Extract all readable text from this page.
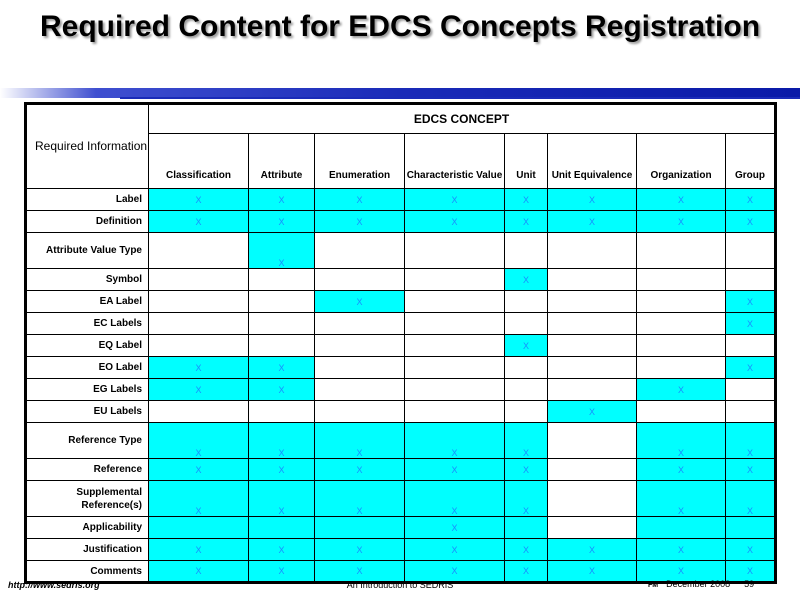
Required Content for EDCS Concepts Registration
Required Information	EDCS CONCEPT							
	Classification	Attribute	Enumeration	Characteristic Value	Unit	Unit Equivalence	Organization	Group
Label	X	X	X	X	X	X	X	X
Definition	X	X	X	X	X	X	X	X
Attribute Value Type		X						
Symbol					X			
EA Label			X					X
EC Labels								X
EQ Label					X			
EO Label	X	X						X
EG Labels	X	X					X	
EU Labels						X		
Reference Type	X	X	X	X	X		X	X
Reference	X	X	X	X	X		X	X
Supplemental Reference(s)	X	X	X	X	X		X	X
Applicability				X				
Justification	X	X	X	X	X	X	X	X
Comments	X	X	X	X	X	X	X	X
http://www.sedris.org	An Introduction to SEDRIS	FM December 2008 59
